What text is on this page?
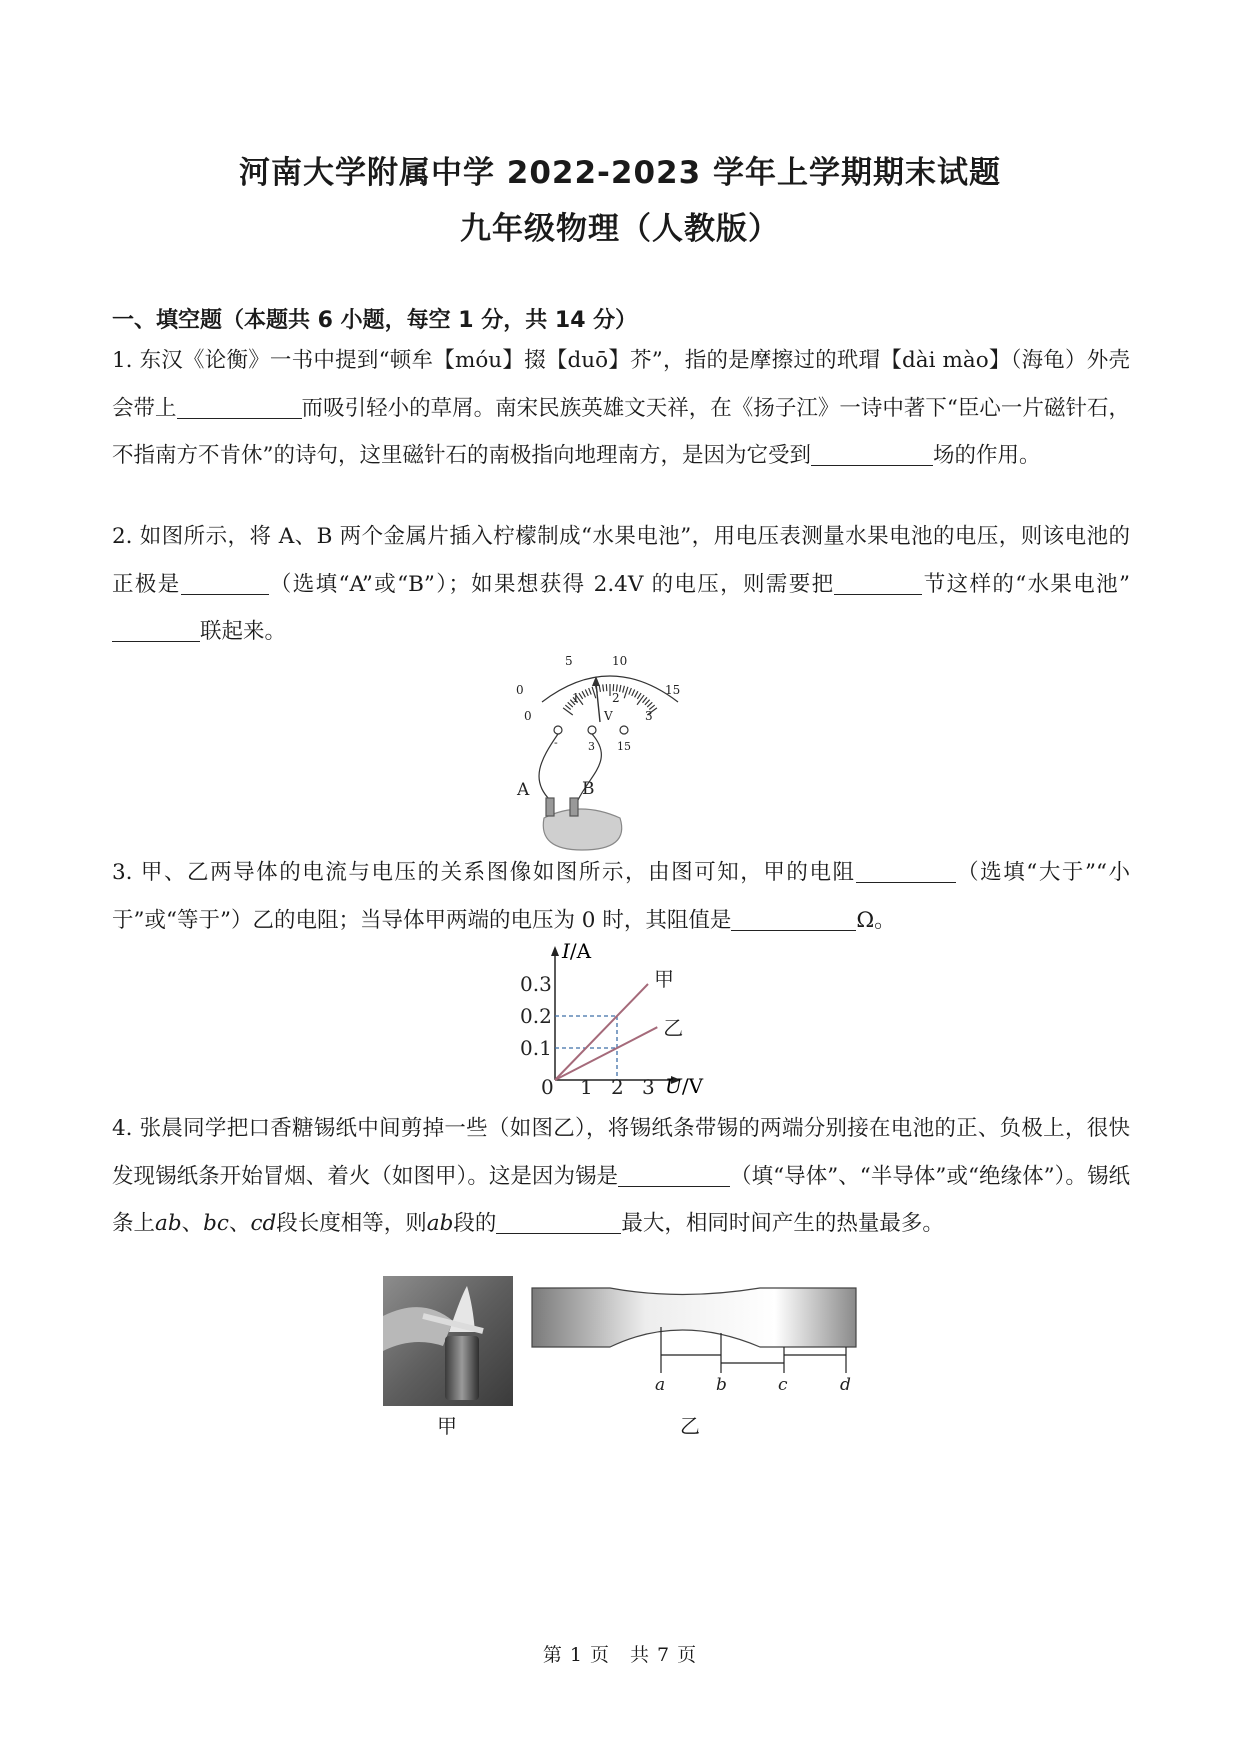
河南大学附属中学 2022-2023 学年上学期期末试题
九年级物理（人教版）
一、填空题（本题共 6 小题，每空 1 分，共 14 分）
1. 东汉《论衡》一书中提到“顿牟【móu】掇【duō】芥”，指的是摩擦过的玳瑁【dài mào】（海龟）外壳会带上	而吸引轻小的草屑。南宋民族英雄文天祥，在《扬子江》一诗中著下“臣心一片磁针石，不指南方不肯休”的诗句，这里磁针石的南极指向地理南方，是因为它受到	场的作用。
2. 如图所示，将 A、B 两个金属片插入柠檬制成“水果电池”，用电压表测量水果电池的电压，则该电池的正极是	（选填“A”或“B”）；如果想获得 2.4V 的电压，则需要把	节这样的“水果电池”联起来。
0
0
5
1
10
2
15
3
V
-	3 15
A	B
3. 甲、乙两导体的电流与电压的关系图像如图所示，由图可知，甲的电阻	（选填“大于”“小于”或“等于”）乙的电阻；当导体甲两端的电压为 0 时，其阻值是	Ω。
甲
乙
0.1
0.2
0.3
1 2 3
0
I/A
U/V
4. 张晨同学把口香糖锡纸中间剪掉一些（如图乙），将锡纸条带锡的两端分别接在电池的正、负极上，很快发现锡纸条开始冒烟、着火（如图甲）。这是因为锡是	（填“导体”、“半导体”或“绝缘体”）。锡纸条上ab、bc、cd段长度相等，则ab段的	最大，相同时间产生的热量最多。
甲
a	b	c	d
乙
第 1 页　共 7 页
